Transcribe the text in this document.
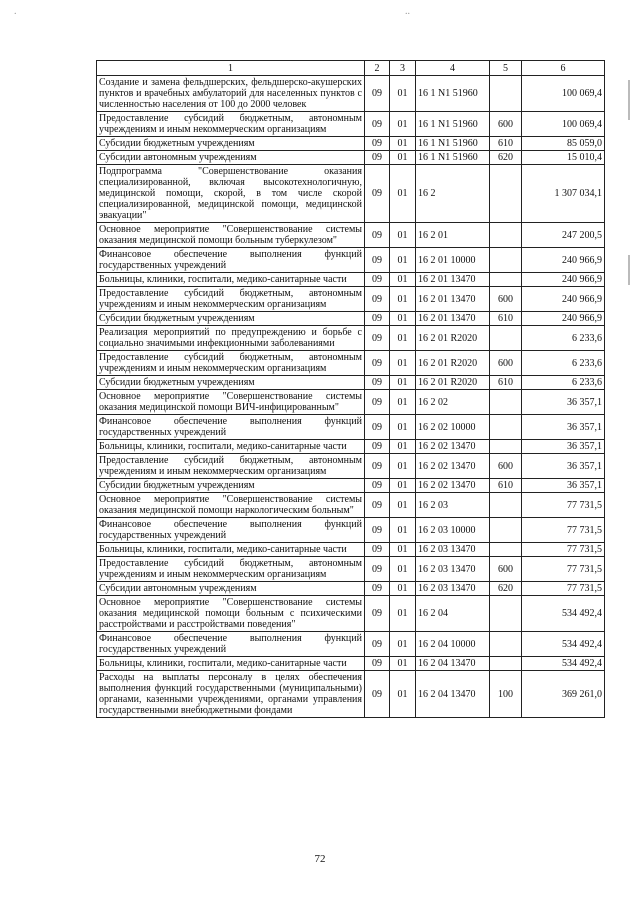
.	..
1	2	3	4	5	6
Создание и замена фельдшерских, фельдшерско-акушерских пунктов и врачебных амбулаторий для населенных пунктов с численностью населения от 100 до 2000 человек	09	01	16 1 N1 51960		100 069,4
Предоставление субсидий бюджетным, автономным учреждениям и иным некоммерческим организациям	09	01	16 1 N1 51960	600	100 069,4
Субсидии бюджетным учреждениям	09	01	16 1 N1 51960	610	85 059,0
Субсидии автономным учреждениям	09	01	16 1 N1 51960	620	15 010,4
Подпрограмма "Совершенствование оказания специализированной, включая высокотехнологичную, медицинской помощи, скорой, в том числе скорой специализированной, медицинской помощи, медицинской эвакуации"	09	01	16 2		1 307 034,1
Основное мероприятие "Совершенствование системы оказания медицинской помощи больным туберкулезом"	09	01	16 2 01		247 200,5
Финансовое обеспечение выполнения функций государственных учреждений	09	01	16 2 01 10000		240 966,9
Больницы, клиники, госпитали, медико-санитарные части	09	01	16 2 01 13470		240 966,9
Предоставление субсидий бюджетным, автономным учреждениям и иным некоммерческим организациям	09	01	16 2 01 13470	600	240 966,9
Субсидии бюджетным учреждениям	09	01	16 2 01 13470	610	240 966,9
Реализация мероприятий по предупреждению и борьбе с социально значимыми инфекционными заболеваниями	09	01	16 2 01 R2020		6 233,6
Предоставление субсидий бюджетным, автономным учреждениям и иным некоммерческим организациям	09	01	16 2 01 R2020	600	6 233,6
Субсидии бюджетным учреждениям	09	01	16 2 01 R2020	610	6 233,6
Основное мероприятие "Совершенствование системы оказания медицинской помощи ВИЧ-инфицированным"	09	01	16 2 02		36 357,1
Финансовое обеспечение выполнения функций государственных учреждений	09	01	16 2 02 10000		36 357,1
Больницы, клиники, госпитали, медико-санитарные части	09	01	16 2 02 13470		36 357,1
Предоставление субсидий бюджетным, автономным учреждениям и иным некоммерческим организациям	09	01	16 2 02 13470	600	36 357,1
Субсидии бюджетным учреждениям	09	01	16 2 02 13470	610	36 357,1
Основное мероприятие "Совершенствование системы оказания медицинской помощи наркологическим больным"	09	01	16 2 03		77 731,5
Финансовое обеспечение выполнения функций государственных учреждений	09	01	16 2 03 10000		77 731,5
Больницы, клиники, госпитали, медико-санитарные части	09	01	16 2 03 13470		77 731,5
Предоставление субсидий бюджетным, автономным учреждениям и иным некоммерческим организациям	09	01	16 2 03 13470	600	77 731,5
Субсидии автономным учреждениям	09	01	16 2 03 13470	620	77 731,5
Основное мероприятие "Совершенствование системы оказания медицинской помощи больным с психическими расстройствами и расстройствами поведения"	09	01	16 2 04		534 492,4
Финансовое обеспечение выполнения функций государственных учреждений	09	01	16 2 04 10000		534 492,4
Больницы, клиники, госпитали, медико-санитарные части	09	01	16 2 04 13470		534 492,4
Расходы на выплаты персоналу в целях обеспечения выполнения функций государственными (муниципальными) органами, казенными учреждениями, органами управления государственными внебюджетными фондами	09	01	16 2 04 13470	100	369 261,0
72
